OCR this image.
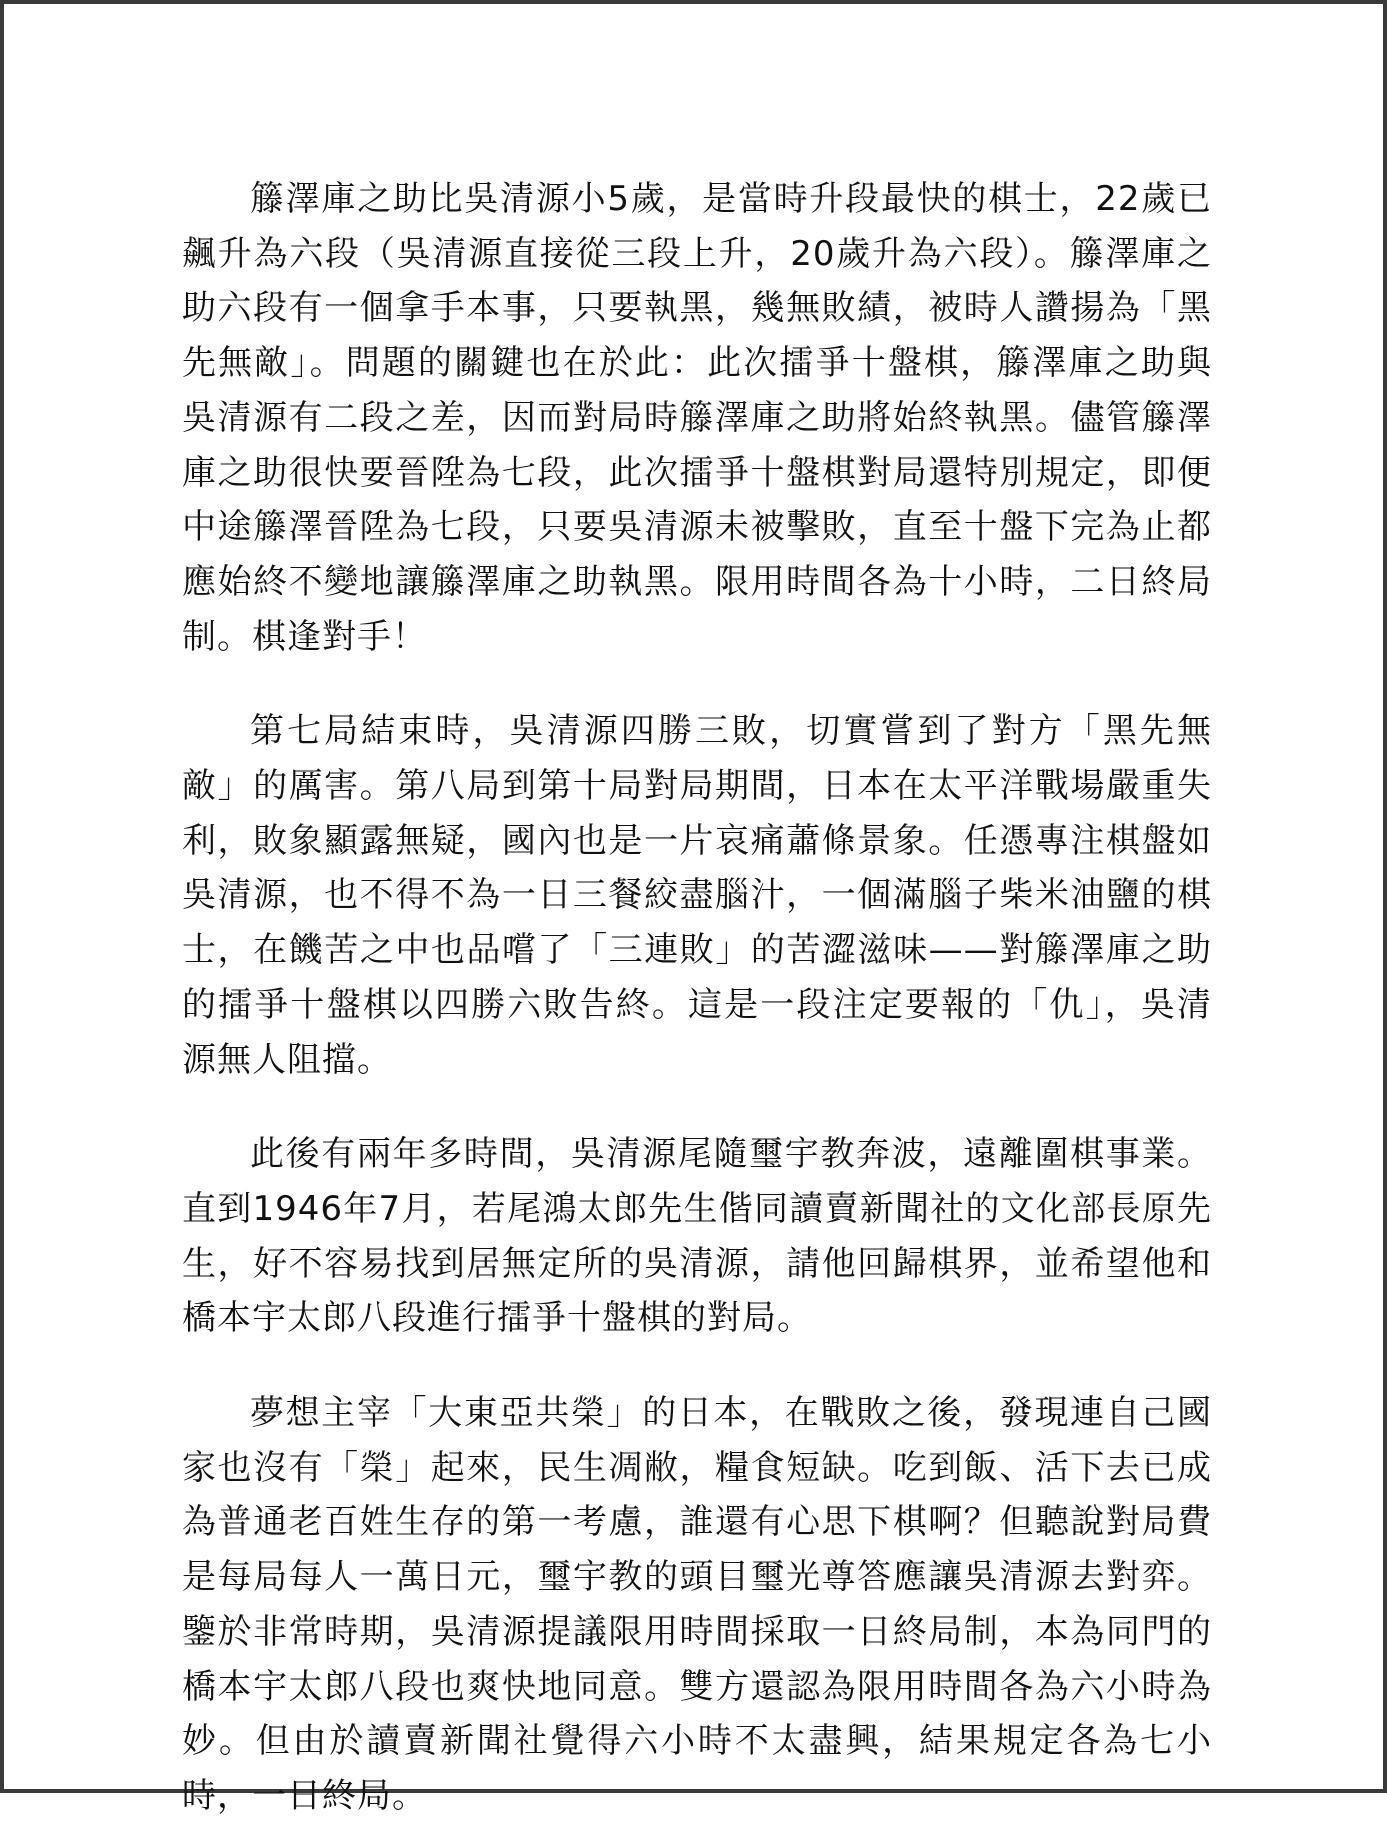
籐澤庫之助比吳清源小5歲，是當時升段最快的棋士，22歲已飆升為六段（吳清源直接從三段上升，20歲升為六段）。籐澤庫之助六段有一個拿手本事，只要執黑，幾無敗績，被時人讚揚為「黑先無敵」。問題的關鍵也在於此：此次擂爭十盤棋，籐澤庫之助與吳清源有二段之差，因而對局時籐澤庫之助將始終執黑。儘管籐澤庫之助很快要晉陞為七段，此次擂爭十盤棋對局還特別規定，即便中途籐澤晉陞為七段，只要吳清源未被擊敗，直至十盤下完為止都應始終不變地讓籐澤庫之助執黑。限用時間各為十小時，二日終局制。棋逢對手！

第七局結束時，吳清源四勝三敗，切實嘗到了對方「黑先無敵」的厲害。第八局到第十局對局期間，日本在太平洋戰場嚴重失利，敗象顯露無疑，國內也是一片哀痛蕭條景象。任憑專注棋盤如吳清源，也不得不為一日三餐絞盡腦汁，一個滿腦子柴米油鹽的棋士，在饑苦之中也品嚐了「三連敗」的苦澀滋味——對籐澤庫之助的擂爭十盤棋以四勝六敗告終。這是一段注定要報的「仇」，吳清源無人阻擋。

此後有兩年多時間，吳清源尾隨璽宇教奔波，遠離圍棋事業。直到1946年7月，若尾鴻太郎先生偕同讀賣新聞社的文化部長原先生，好不容易找到居無定所的吳清源，請他回歸棋界，並希望他和橋本宇太郎八段進行擂爭十盤棋的對局。

夢想主宰「大東亞共榮」的日本，在戰敗之後，發現連自己國家也沒有「榮」起來，民生凋敝，糧食短缺。吃到飯、活下去已成為普通老百姓生存的第一考慮，誰還有心思下棋啊？但聽說對局費是每局每人一萬日元，璽宇教的頭目璽光尊答應讓吳清源去對弈。鑒於非常時期，吳清源提議限用時間採取一日終局制，本為同門的橋本宇太郎八段也爽快地同意。雙方還認為限用時間各為六小時為妙。但由於讀賣新聞社覺得六小時不太盡興，結果規定各為七小時，一日終局。
